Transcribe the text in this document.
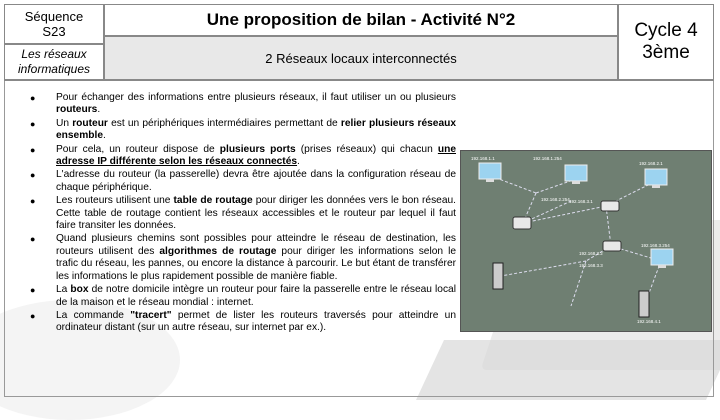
Séquence
S23
Les réseaux
informatiques
Une proposition de bilan - Activité N°2
2 Réseaux locaux interconnectés
Cycle 4
3ème
● Pour échanger des informations entre plusieurs réseaux, il faut utiliser un ou plusieurs routeurs.
● Un routeur est un périphériques intermédiaires permettant de relier plusieurs réseaux ensemble.
● Pour cela, un routeur dispose de plusieurs ports (prises réseaux) qui chacun une adresse IP différente selon les réseaux connectés.
● L'adresse du routeur (la passerelle) devra être ajoutée dans la configuration réseau de chaque périphérique.
● Les routeurs utilisent une table de routage pour diriger les données vers le bon réseau. Cette table de routage contient les réseaux accessibles et le routeur par lequel il faut faire transiter les données.
● Quand plusieurs chemins sont possibles pour atteindre le réseau de destination, les routeurs utilisent des algorithmes de routage pour diriger les informations selon le trafic du réseau, les pannes, ou encore la distance à parcourir. Le but étant de transférer les informations le plus rapidement possible de manière fiable.
● La box de notre domicile intègre un routeur pour faire la passerelle entre le réseau local de la maison et le réseau mondial : internet.
● La commande "tracert" permet de lister les routeurs traversés pour atteindre un ordinateur distant (sur un autre réseau, sur internet par ex.).
192.168.1.1	192.168.1.254
192.168.2.1
192.168.2.254 192.168.3.1
192.168.3.254
192.168.3.2
192.168.3.3
192.168.4.1
